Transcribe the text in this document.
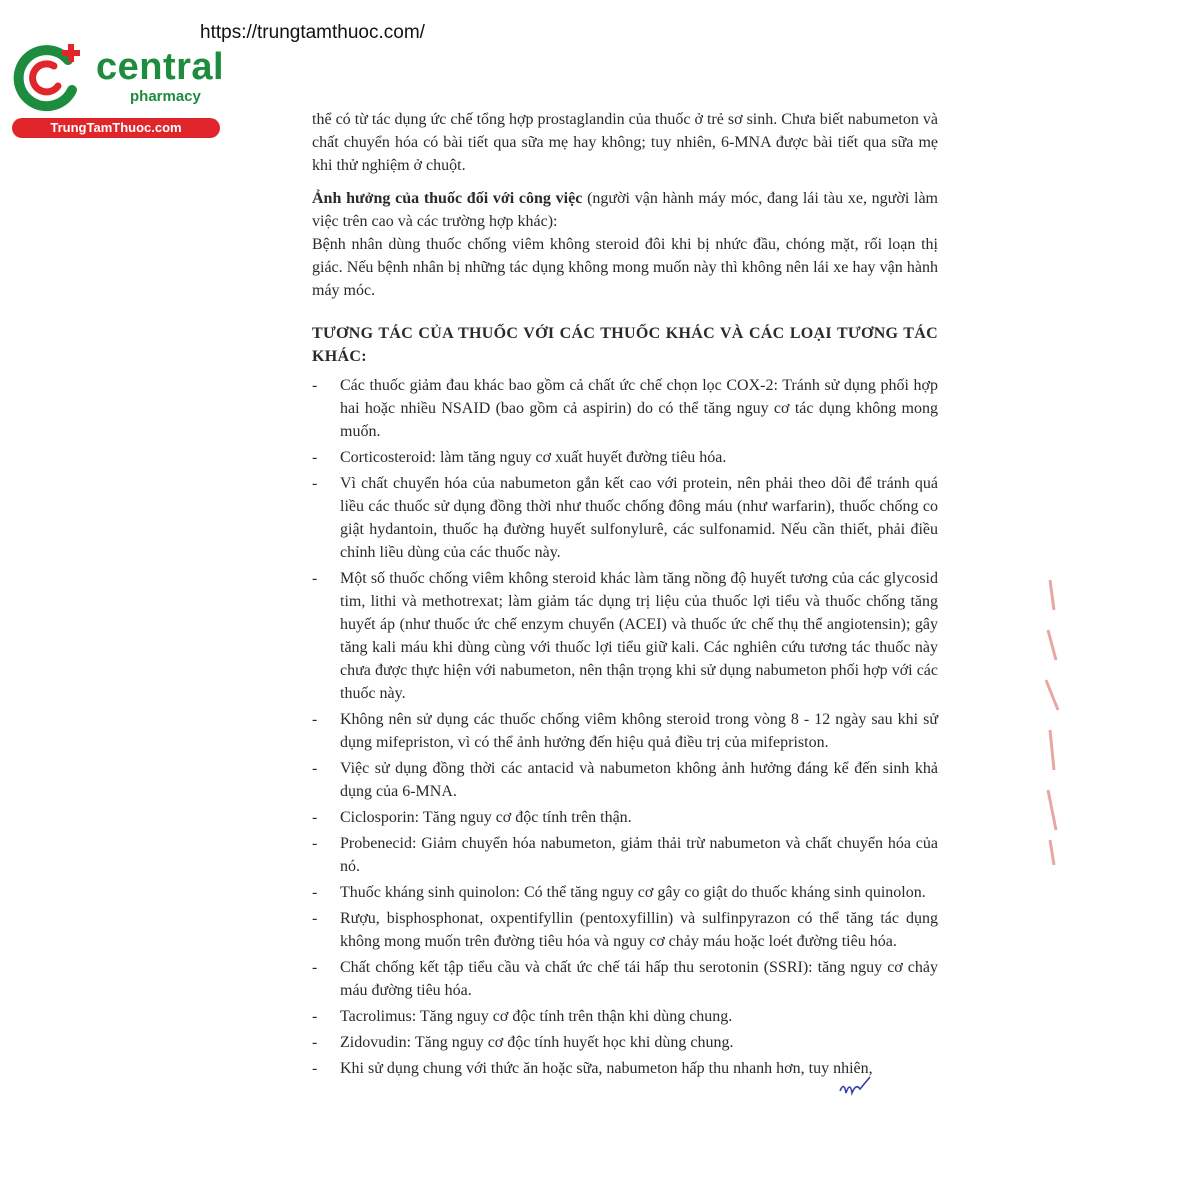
https://trungtamthuoc.com/
central
pharmacy
TrungTamThuoc.com	thể có từ tác dụng ức chế tổng hợp prostaglandin của thuốc ở trẻ sơ sinh. Chưa biết nabumeton và chất chuyển hóa có bài tiết qua sữa mẹ hay không; tuy nhiên, 6-MNA được bài tiết qua sữa mẹ khi thử nghiệm ở chuột.

Ảnh hưởng của thuốc đối với công việc (người vận hành máy móc, đang lái tàu xe, người làm việc trên cao và các trường hợp khác):

Bệnh nhân dùng thuốc chống viêm không steroid đôi khi bị nhức đầu, chóng mặt, rối loạn thị giác. Nếu bệnh nhân bị những tác dụng không mong muốn này thì không nên lái xe hay vận hành máy móc.

TƯƠNG TÁC CỦA THUỐC VỚI CÁC THUỐC KHÁC VÀ CÁC LOẠI TƯƠNG TÁC KHÁC:
- Các thuốc giảm đau khác bao gồm cả chất ức chế chọn lọc COX-2: Tránh sử dụng phối hợp hai hoặc nhiều NSAID (bao gồm cả aspirin) do có thể tăng nguy cơ tác dụng không mong muốn.
- Corticosteroid: làm tăng nguy cơ xuất huyết đường tiêu hóa.
- Vì chất chuyển hóa của nabumeton gắn kết cao với protein, nên phải theo dõi để tránh quá liều các thuốc sử dụng đồng thời như thuốc chống đông máu (như warfarin), thuốc chống co giật hydantoin, thuốc hạ đường huyết sulfonylurê, các sulfonamid. Nếu cần thiết, phải điều chỉnh liều dùng của các thuốc này.
- Một số thuốc chống viêm không steroid khác làm tăng nồng độ huyết tương của các glycosid tim, lithi và methotrexat; làm giảm tác dụng trị liệu của thuốc lợi tiểu và thuốc chống tăng huyết áp (như thuốc ức chế enzym chuyển (ACEI) và thuốc ức chế thụ thể angiotensin); gây tăng kali máu khi dùng cùng với thuốc lợi tiểu giữ kali. Các nghiên cứu tương tác thuốc này chưa được thực hiện với nabumeton, nên thận trọng khi sử dụng nabumeton phối hợp với các thuốc này.
- Không nên sử dụng các thuốc chống viêm không steroid trong vòng 8 - 12 ngày sau khi sử dụng mifepriston, vì có thể ảnh hưởng đến hiệu quả điều trị của mifepriston.
- Việc sử dụng đồng thời các antacid và nabumeton không ảnh hưởng đáng kể đến sinh khả dụng của 6-MNA.
- Ciclosporin: Tăng nguy cơ độc tính trên thận.
- Probenecid: Giảm chuyển hóa nabumeton, giảm thải trừ nabumeton và chất chuyển hóa của nó.
- Thuốc kháng sinh quinolon: Có thể tăng nguy cơ gây co giật do thuốc kháng sinh quinolon.
- Rượu, bisphosphonat, oxpentifyllin (pentoxyfillin) và sulfinpyrazon có thể tăng tác dụng không mong muốn trên đường tiêu hóa và nguy cơ chảy máu hoặc loét đường tiêu hóa.
- Chất chống kết tập tiểu cầu và chất ức chế tái hấp thu serotonin (SSRI): tăng nguy cơ chảy máu đường tiêu hóa.
- Tacrolimus: Tăng nguy cơ độc tính trên thận khi dùng chung.
- Zidovudin: Tăng nguy cơ độc tính huyết học khi dùng chung.
- Khi sử dụng chung với thức ăn hoặc sữa, nabumeton hấp thu nhanh hơn, tuy nhiên,
